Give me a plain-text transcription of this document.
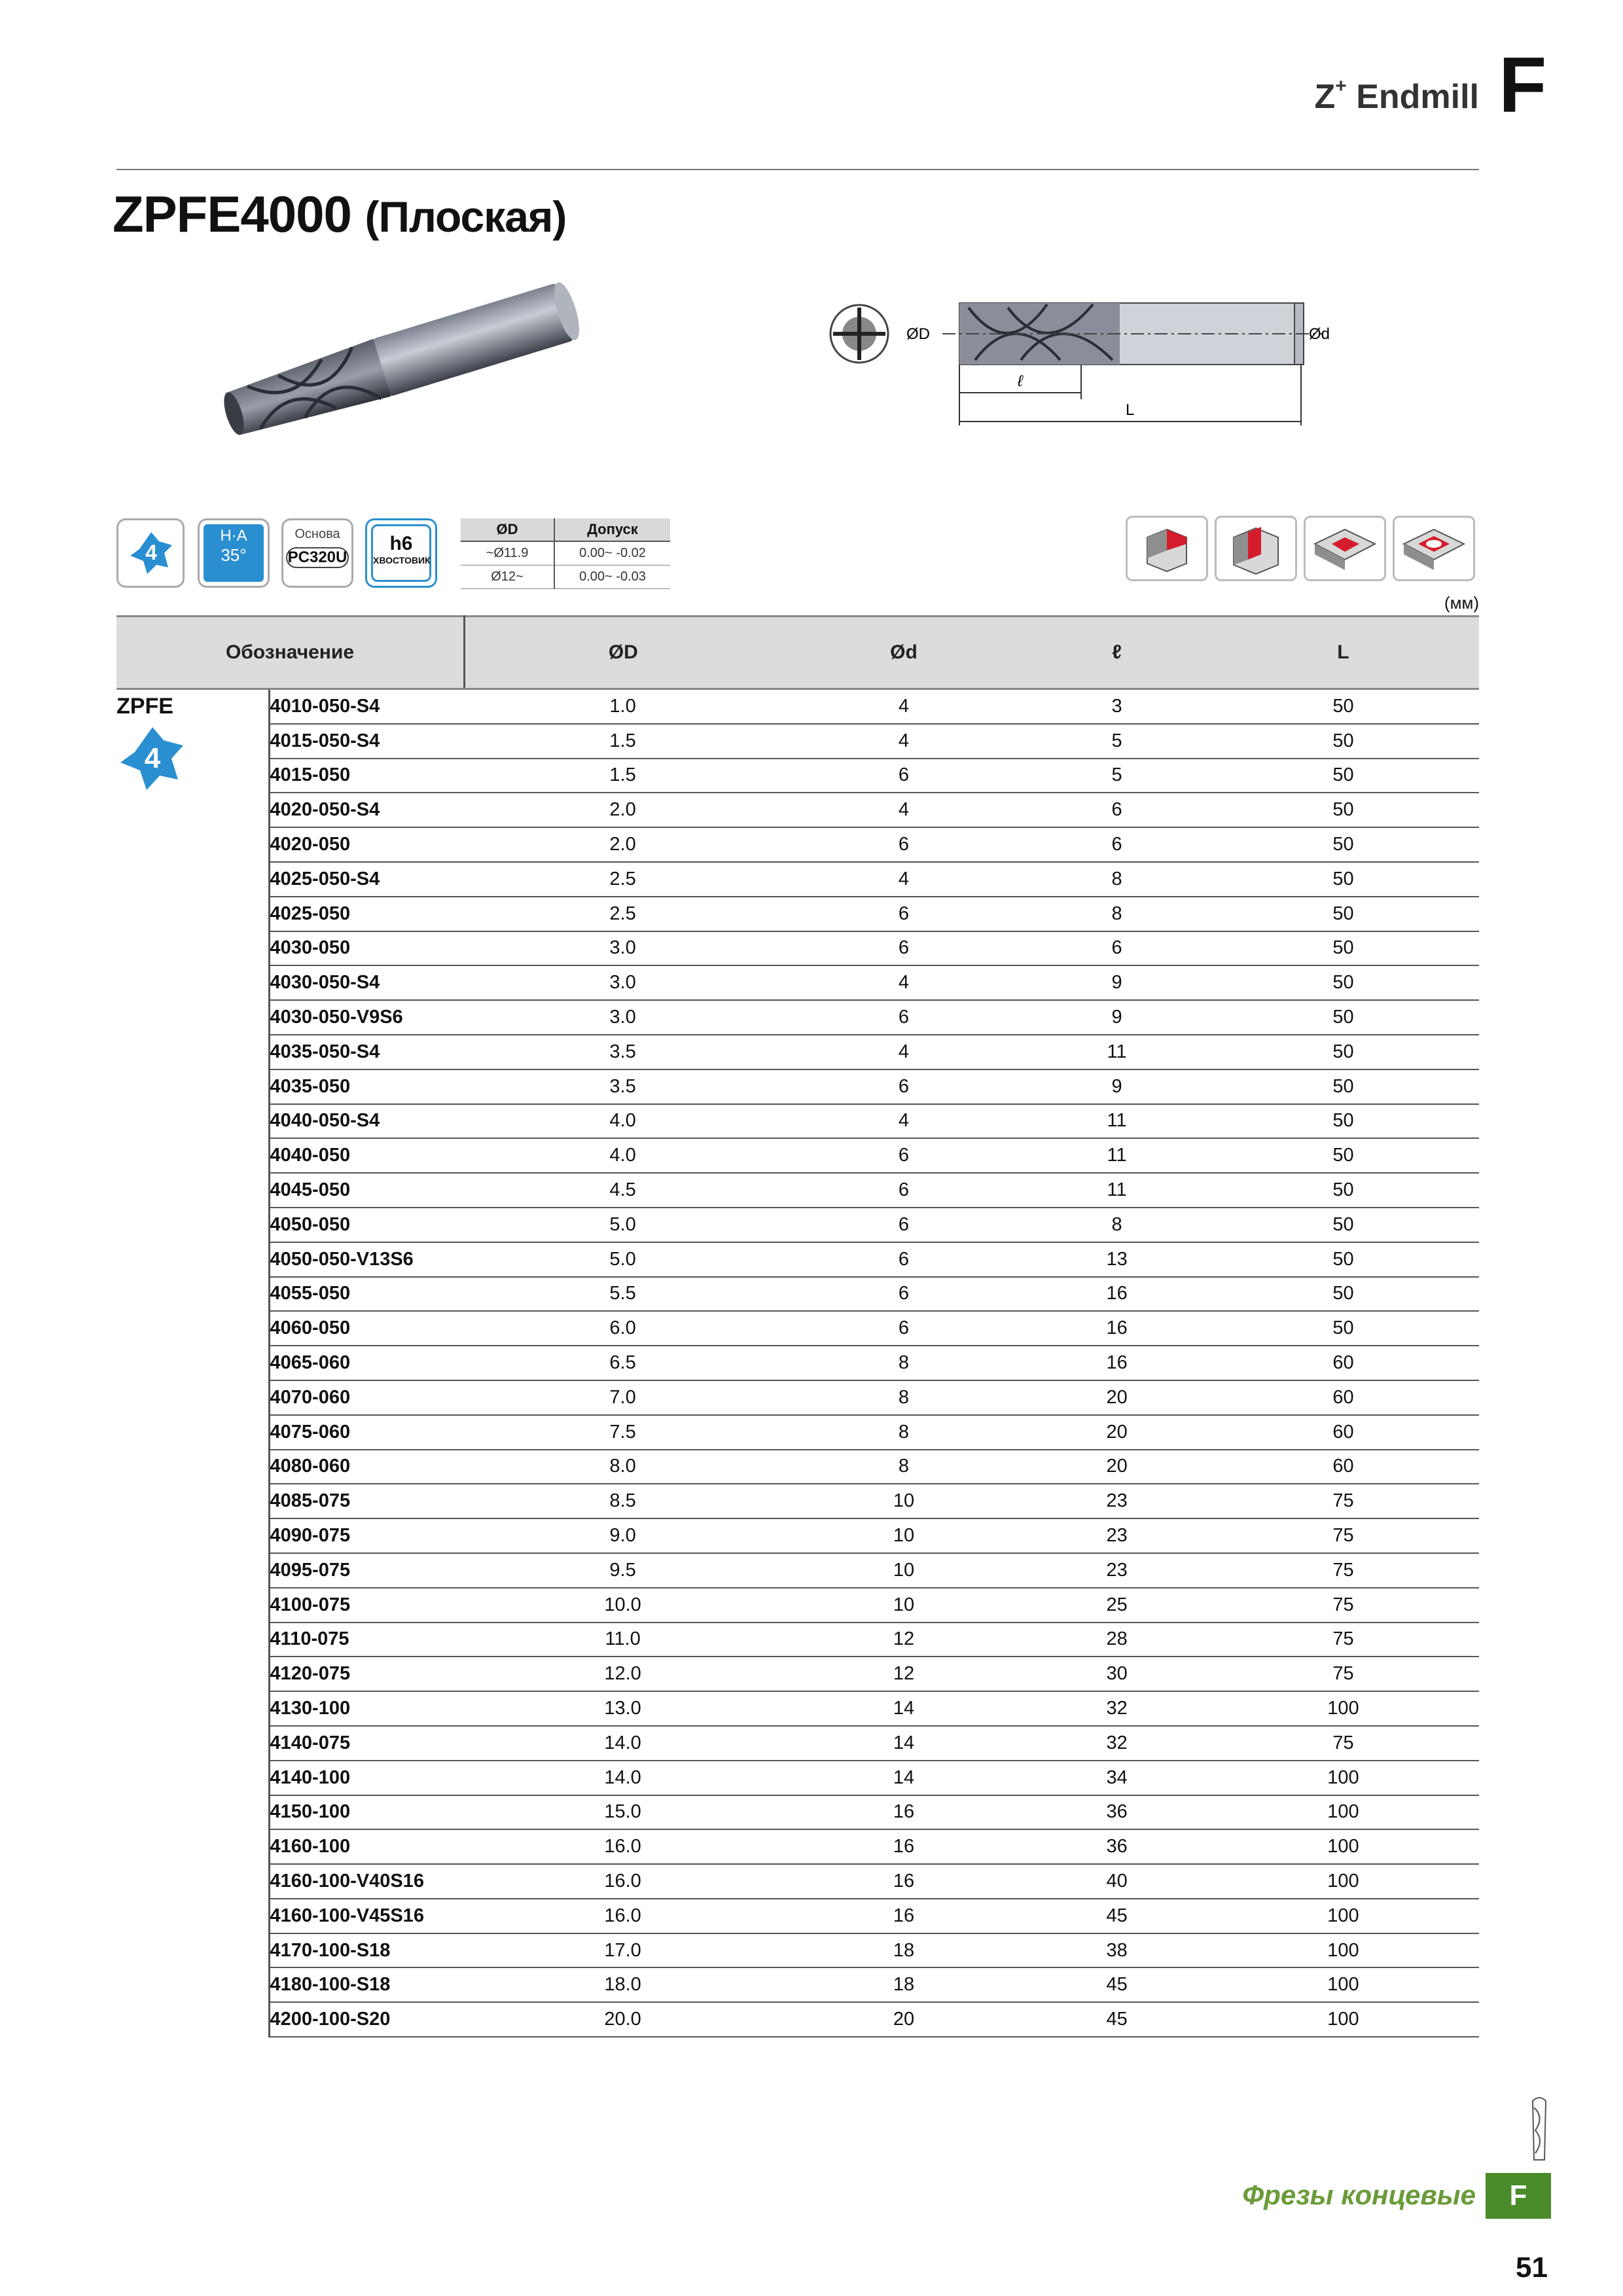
Z+ Endmill F
ZPFE4000 (Плоская)
ØD	Ød
ℓ
L
4
H·A
35°
Основа
PC320U
h6
ХВОСТОВИК
ØD	Допуск
~Ø11.9	0.00~ -0.02
Ø12~	0.00~ -0.03
(мм)
Обозначение		ØD	Ød	ℓ	L

ZPFE
4	4010-050-S4	1.0	4	3	50
	4015-050-S4	1.5	4	5	50
	4015-050	1.5	6	5	50
	4020-050-S4	2.0	4	6	50
	4020-050	2.0	6	6	50
	4025-050-S4	2.5	4	8	50
	4025-050	2.5	6	8	50
	4030-050	3.0	6	6	50
	4030-050-S4	3.0	4	9	50
	4030-050-V9S6	3.0	6	9	50
	4035-050-S4	3.5	4	11	50
	4035-050	3.5	6	9	50
	4040-050-S4	4.0	4	11	50
	4040-050	4.0	6	11	50
	4045-050	4.5	6	11	50
	4050-050	5.0	6	8	50
	4050-050-V13S6	5.0	6	13	50
	4055-050	5.5	6	16	50
	4060-050	6.0	6	16	50
	4065-060	6.5	8	16	60
	4070-060	7.0	8	20	60
	4075-060	7.5	8	20	60
	4080-060	8.0	8	20	60
	4085-075	8.5	10	23	75
	4090-075	9.0	10	23	75
	4095-075	9.5	10	23	75
	4100-075	10.0	10	25	75
	4110-075	11.0	12	28	75
	4120-075	12.0	12	30	75
	4130-100	13.0	14	32	100
	4140-075	14.0	14	32	75
	4140-100	14.0	14	34	100
	4150-100	15.0	16	36	100
	4160-100	16.0	16	36	100
	4160-100-V40S16	16.0	16	40	100
	4160-100-V45S16	16.0	16	45	100
	4170-100-S18	17.0	18	38	100
	4180-100-S18	18.0	18	45	100
	4200-100-S20	20.0	20	45	100
Фрезы концевые	F
51
